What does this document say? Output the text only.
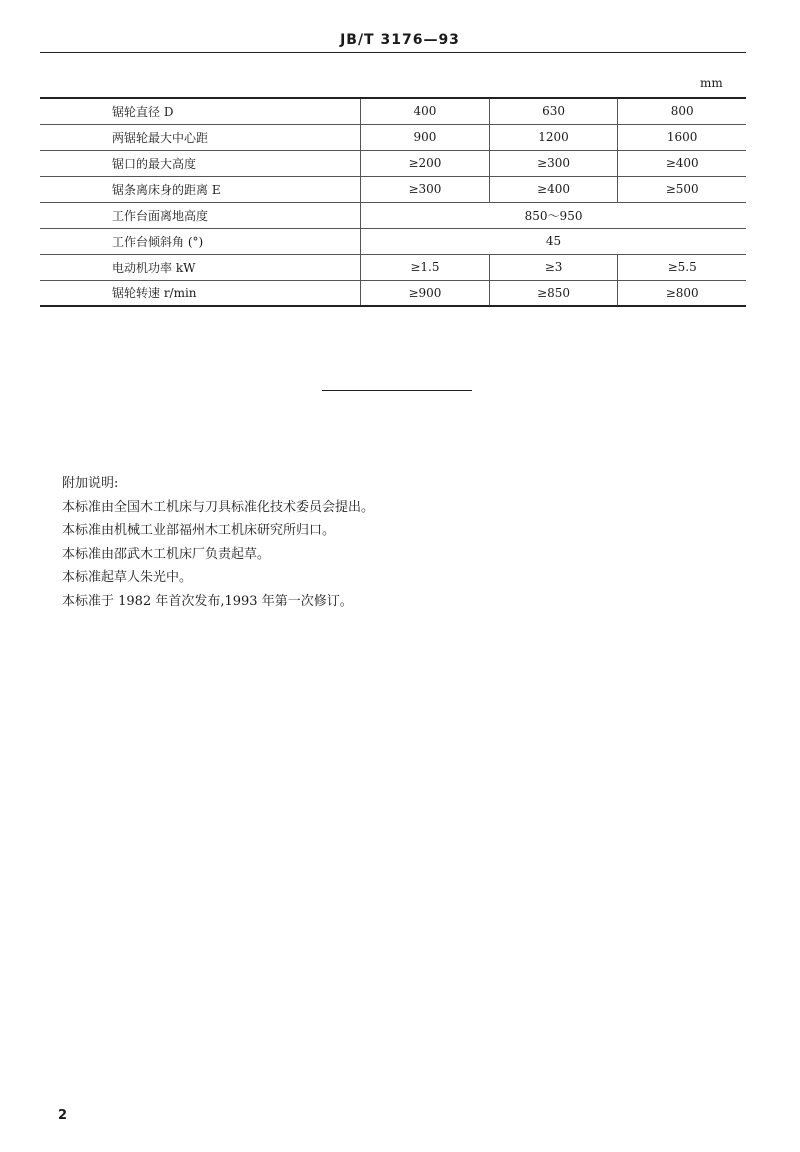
JB/T 3176—93
mm
锯轮直径 D	400	630	800
两锯轮最大中心距	900	1200	1600
锯口的最大高度	≥200	≥300	≥400
锯条离床身的距离 E	≥300	≥400	≥500
工作台面离地高度	850～950		
工作台倾斜角 (°)	45		
电动机功率 kW	≥1.5	≥3	≥5.5
锯轮转速 r/min	≥900	≥850	≥800
附加说明:
本标准由全国木工机床与刀具标准化技术委员会提出。
本标准由机械工业部福州木工机床研究所归口。
本标准由邵武木工机床厂负责起草。
本标准起草人朱光中。
本标准于 1982 年首次发布,1993 年第一次修订。
2
